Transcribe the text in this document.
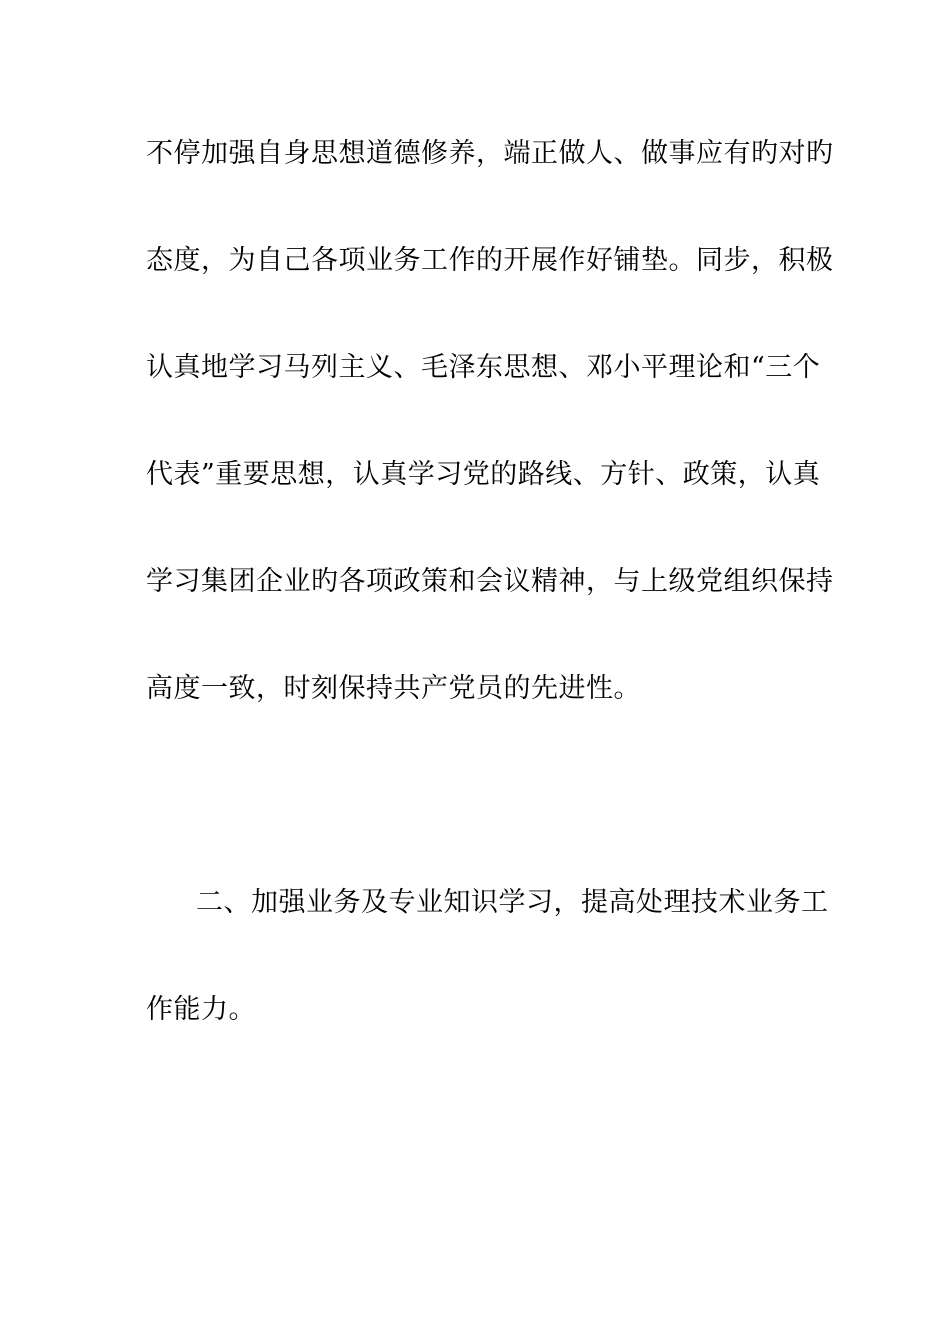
不停加强自身思想道德修养，端正做人、做事应有旳对旳
态度，为自己各项业务工作的开展作好铺垫。同步，积极
认真地学习马列主义、毛泽东思想、邓小平理论和“三个
代表”重要思想，认真学习党的路线、方针、政策，认真
学习集团企业旳各项政策和会议精神，与上级党组织保持
高度一致，时刻保持共产党员的先进性。
二、加强业务及专业知识学习，提高处理技术业务工
作能力。
